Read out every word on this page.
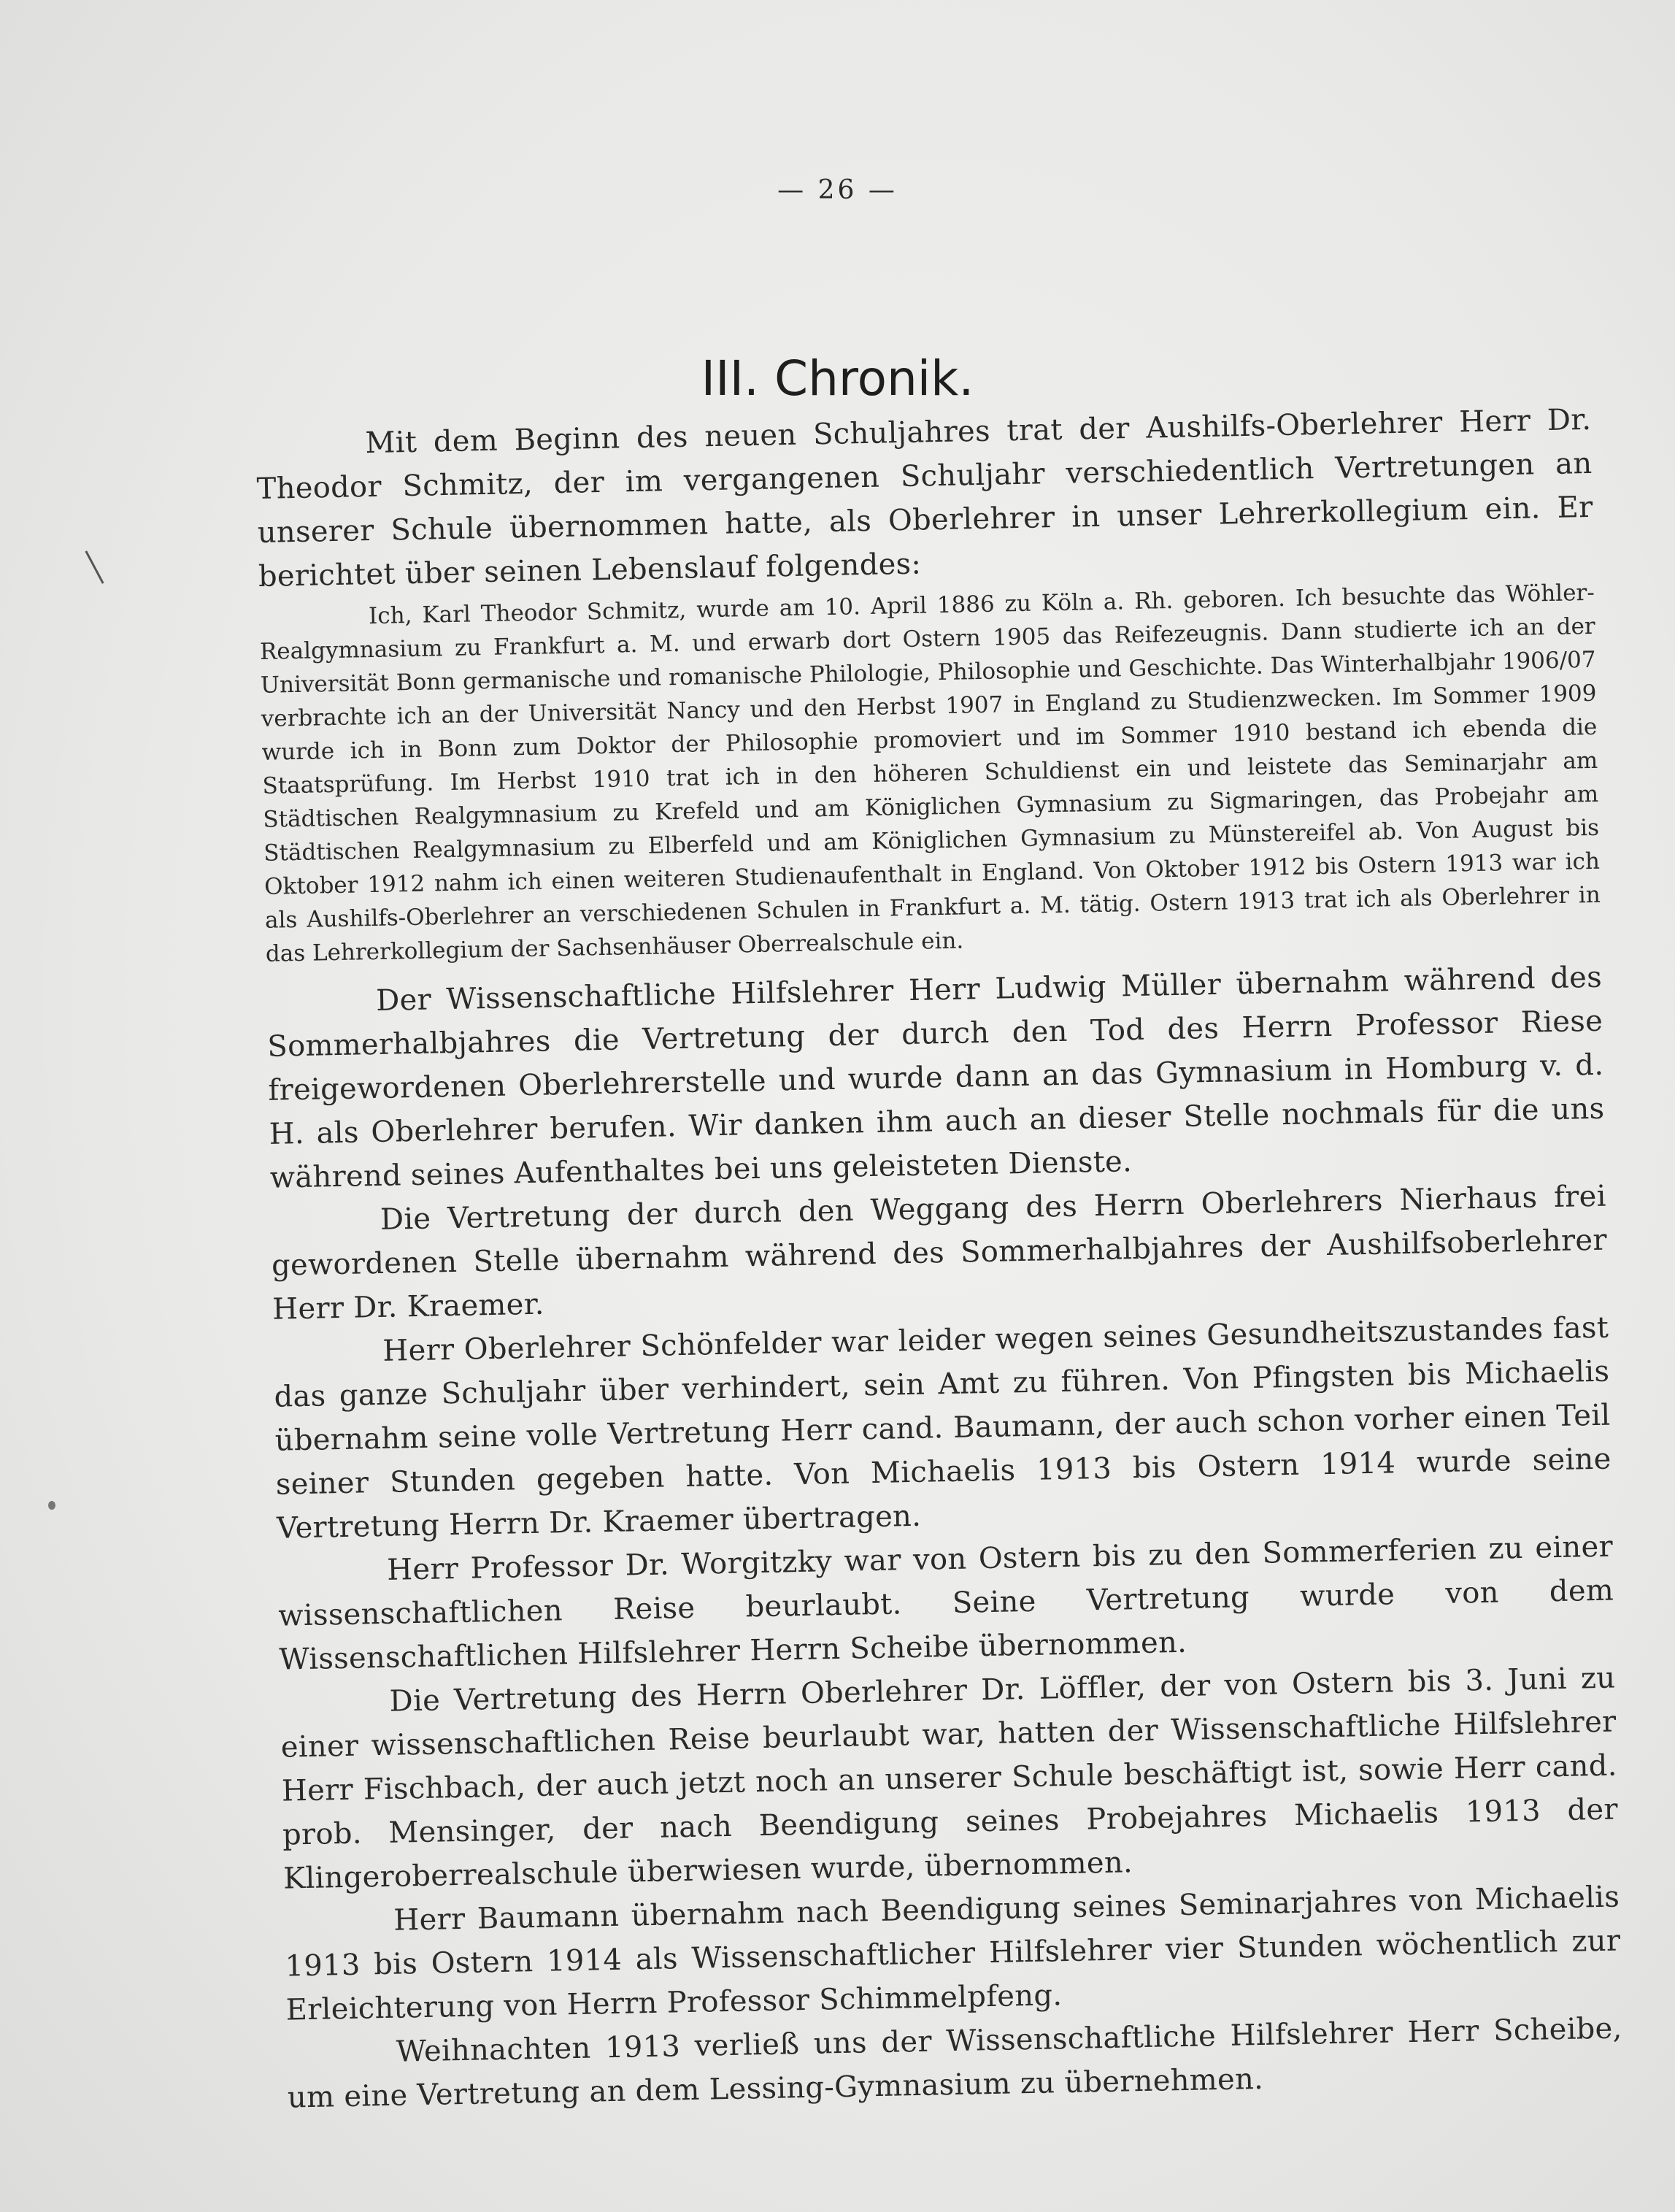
— 26 —
III. Chronik.

Mit dem Beginn des neuen Schuljahres trat der Aushilfs-Oberlehrer Herr Dr. Theodor Schmitz, der im vergangenen Schuljahr verschiedentlich Vertretungen an unserer Schule übernommen hatte, als Oberlehrer in unser Lehrerkollegium ein. Er berichtet über seinen Lebenslauf folgendes:

Ich, Karl Theodor Schmitz, wurde am 10. April 1886 zu Köln a. Rh. geboren. Ich besuchte das Wöhler-Realgymnasium zu Frankfurt a. M. und erwarb dort Ostern 1905 das Reifezeugnis. Dann studierte ich an der Universität Bonn germanische und romanische Philologie, Philosophie und Geschichte. Das Winterhalbjahr 1906/07 verbrachte ich an der Universität Nancy und den Herbst 1907 in England zu Studienzwecken. Im Sommer 1909 wurde ich in Bonn zum Doktor der Philosophie promoviert und im Sommer 1910 bestand ich ebenda die Staatsprüfung. Im Herbst 1910 trat ich in den höheren Schuldienst ein und leistete das Seminarjahr am Städtischen Realgymnasium zu Krefeld und am Königlichen Gymnasium zu Sigmaringen, das Probejahr am Städtischen Realgymnasium zu Elberfeld und am Königlichen Gymnasium zu Münstereifel ab. Von August bis Oktober 1912 nahm ich einen weiteren Studienaufenthalt in England. Von Oktober 1912 bis Ostern 1913 war ich als Aushilfs-Oberlehrer an verschiedenen Schulen in Frankfurt a. M. tätig. Ostern 1913 trat ich als Oberlehrer in das Lehrerkollegium der Sachsenhäuser Oberrealschule ein.

Der Wissenschaftliche Hilfslehrer Herr Ludwig Müller übernahm während des Sommerhalbjahres die Vertretung der durch den Tod des Herrn Professor Riese freigewordenen Oberlehrerstelle und wurde dann an das Gymnasium in Homburg v. d. H. als Oberlehrer berufen. Wir danken ihm auch an dieser Stelle nochmals für die uns während seines Aufenthaltes bei uns geleisteten Dienste.

Die Vertretung der durch den Weggang des Herrn Oberlehrers Nierhaus frei gewordenen Stelle übernahm während des Sommerhalbjahres der Aushilfsoberlehrer Herr Dr. Kraemer.

Herr Oberlehrer Schönfelder war leider wegen seines Gesundheitszustandes fast das ganze Schuljahr über verhindert, sein Amt zu führen. Von Pfingsten bis Michaelis übernahm seine volle Vertretung Herr cand. Baumann, der auch schon vorher einen Teil seiner Stunden gegeben hatte. Von Michaelis 1913 bis Ostern 1914 wurde seine Vertretung Herrn Dr. Kraemer übertragen.

Herr Professor Dr. Worgitzky war von Ostern bis zu den Sommerferien zu einer wissenschaftlichen Reise beurlaubt. Seine Vertretung wurde von dem Wissenschaftlichen Hilfslehrer Herrn Scheibe übernommen.

Die Vertretung des Herrn Oberlehrer Dr. Löffler, der von Ostern bis 3. Juni zu einer wissenschaftlichen Reise beurlaubt war, hatten der Wissenschaftliche Hilfslehrer Herr Fischbach, der auch jetzt noch an unserer Schule beschäftigt ist, sowie Herr cand. prob. Mensinger, der nach Beendigung seines Probejahres Michaelis 1913 der Klingeroberrealschule überwiesen wurde, übernommen.

Herr Baumann übernahm nach Beendigung seines Seminarjahres von Michaelis 1913 bis Ostern 1914 als Wissenschaftlicher Hilfslehrer vier Stunden wöchentlich zur Erleichterung von Herrn Professor Schimmelpfeng.

Weihnachten 1913 verließ uns der Wissenschaftliche Hilfslehrer Herr Scheibe, um eine Vertretung an dem Lessing-Gymnasium zu übernehmen.
